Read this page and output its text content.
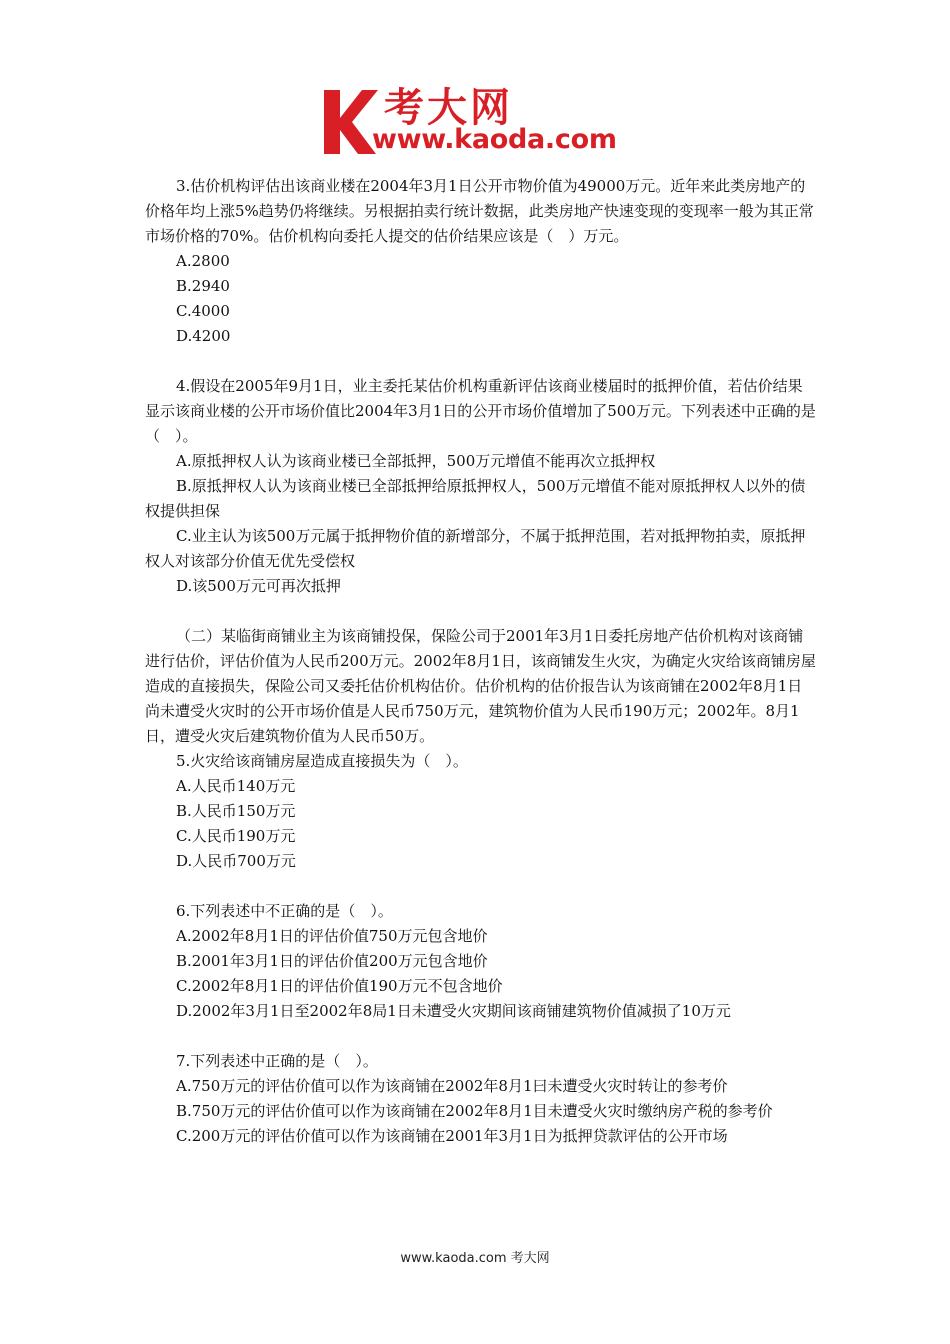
考大网
www.kaoda.com

3.估价机构评估出该商业楼在2004年3月1日公开市物价值为49000万元。近年来此类房地产的价格年均上涨5%趋势仍将继续。另根据拍卖行统计数据，此类房地产快速变现的变现率一般为其正常市场价格的70%。估价机构向委托人提交的估价结果应该是（　）万元。

A.2800

B.2940

C.4000

D.4200

4.假设在2005年9月1日，业主委托某估价机构重新评估该商业楼届时的抵押价值，若估价结果显示该商业楼的公开市场价值比2004年3月1日的公开市场价值增加了500万元。下列表述中正确的是（　）。

A.原抵押权人认为该商业楼已全部抵押，500万元增值不能再次立抵押权

B.原抵押权人认为该商业楼已全部抵押给原抵押权人，500万元增值不能对原抵押权人以外的债权提供担保

C.业主认为该500万元属于抵押物价值的新增部分，不属于抵押范围，若对抵押物拍卖，原抵押权人对该部分价值无优先受偿权

D.该500万元可再次抵押

（二）某临街商铺业主为该商铺投保，保险公司于2001年3月1日委托房地产估价机构对该商铺进行估价，评估价值为人民币200万元。2002年8月1日，该商铺发生火灾，为确定火灾给该商铺房屋造成的直接损失，保险公司又委托估价机构估价。估价机构的估价报告认为该商铺在2002年8月1日尚未遭受火灾时的公开市场价值是人民币750万元，建筑物价值为人民币190万元；2002年。8月1日，遭受火灾后建筑物价值为人民币50万。

5.火灾给该商铺房屋造成直接损失为（　）。

A.人民币140万元

B.人民币150万元

C.人民币190万元

D.人民币700万元

6.下列表述中不正确的是（　）。

A.2002年8月1日的评估价值750万元包含地价

B.2001年3月1日的评估价值200万元包含地价

C.2002年8月1日的评估价值190万元不包含地价

D.2002年3月1日至2002年8局1日未遭受火灾期间该商铺建筑物价值减损了10万元

7.下列表述中正确的是（　）。

A.750万元的评估价值可以作为该商铺在2002年8月1曰未遭受火灾时转让的参考价

B.750万元的评估价值可以作为该商铺在2002年8月1目未遭受火灾时缴纳房产税的参考价

C.200万元的评估价值可以作为该商铺在2001年3月1日为抵押贷款评估的公开市场

www.kaoda.com 考大网
